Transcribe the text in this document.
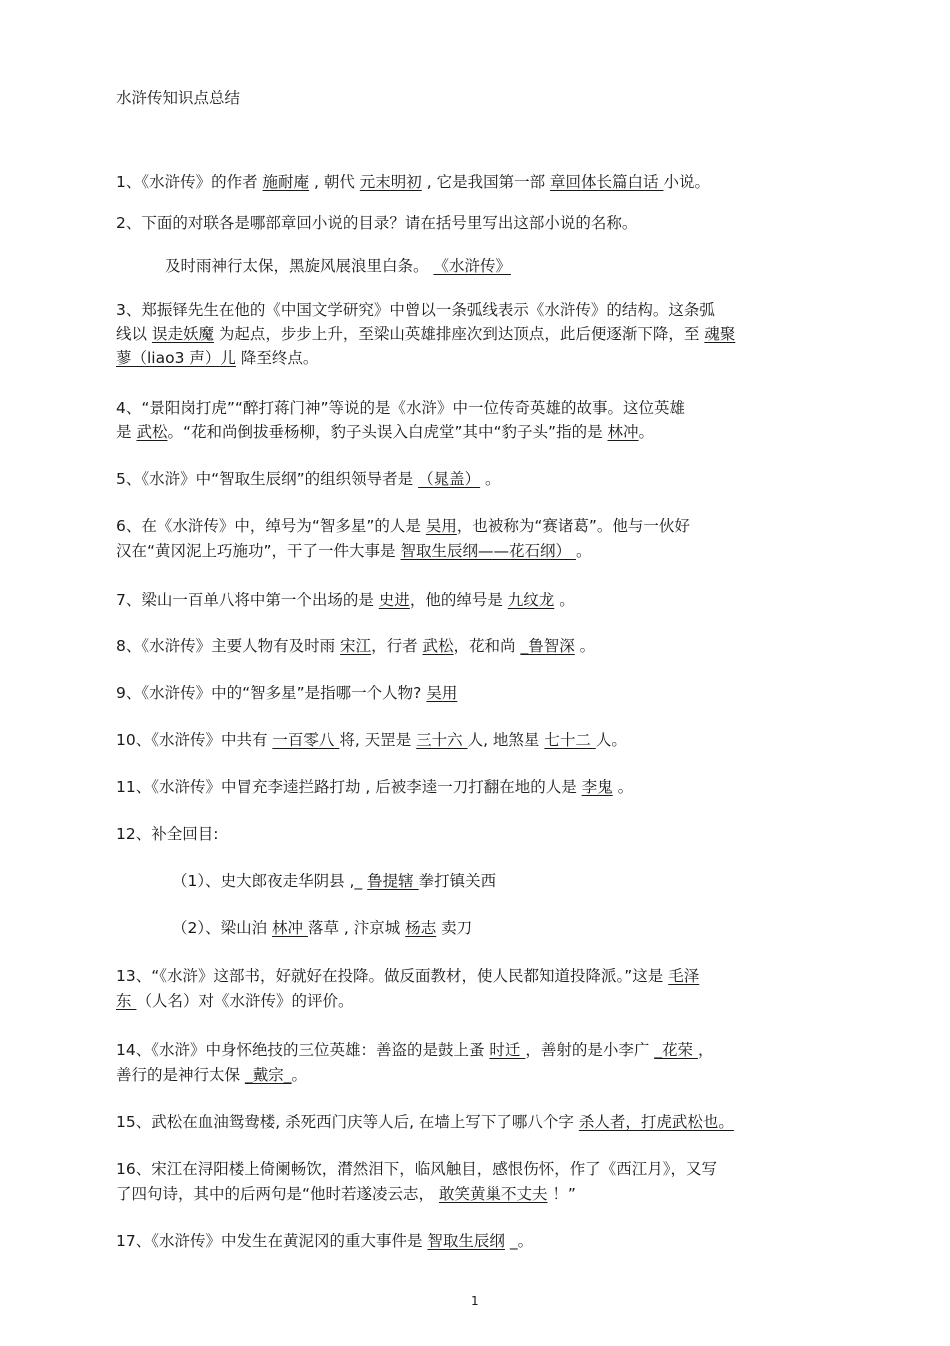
水浒传知识点总结
1、《水浒传》的作者 施耐庵 , 朝代 元末明初 , 它是我国第一部 章回体长篇白话 小说。
2、下面的对联各是哪部章回小说的目录？请在括号里写出这部小说的名称。
及时雨神行太保，黑旋风展浪里白条。 《水浒传》
3、郑振铎先生在他的《中国文学研究》中曾以一条弧线表示《水浒传》的结构。这条弧
线以 误走妖魔 为起点，步步上升，至梁山英雄排座次到达顶点，此后便逐渐下降，至 魂聚
蓼（liao3 声）儿 降至终点。
4、“景阳岗打虎”“醉打蒋门神”等说的是《水浒》中一位传奇英雄的故事。这位英雄
是 武松。“花和尚倒拔垂杨柳，豹子头误入白虎堂”其中“豹子头”指的是 林冲。
5、《水浒》中“智取生辰纲”的组织领导者是 （晁盖） 。
6、在《水浒传》中，绰号为“智多星”的人是 吴用，也被称为“赛诸葛”。他与一伙好
汉在“黄冈泥上巧施功”，干了一件大事是 智取生辰纲——花石纲） 。
7、梁山一百单八将中第一个出场的是 史进，他的绰号是 九纹龙 。
8、《水浒传》主要人物有及时雨 宋江，行者 武松，花和尚 _鲁智深 。
9、《水浒传》中的“智多星”是指哪一个人物? 吴用
10、《水浒传》中共有 一百零八 将, 天罡是 三十六 人, 地煞星 七十二 人。
11、《水浒传》中冒充李逵拦路打劫 , 后被李逵一刀打翻在地的人是 李鬼 。
12、补全回目:
（1）、史大郎夜走华阴县 ,_ 鲁提辖 拳打镇关西
（2）、梁山泊 林冲 落草 , 汴京城 杨志 卖刀
13、“《水浒》这部书，好就好在投降。做反面教材，使人民都知道投降派。”这是 毛泽
东 （人名）对《水浒传》的评价。
14、《水浒》中身怀绝技的三位英雄：善盗的是鼓上蚤 时迁 ，善射的是小李广 _花荣 ，
善行的是神行太保 _戴宗_。
15、武松在血油鸳鸯楼, 杀死西门庆等人后, 在墙上写下了哪八个字 杀人者，打虎武松也。
16、宋江在浔阳楼上倚阑畅饮，潸然泪下，临风触目，感恨伤怀，作了《西江月》，又写
了四句诗，其中的后两句是“他时若遂凌云志， 敢笑黄巢不丈夫 ！”
17、《水浒传》中发生在黄泥冈的重大事件是 智取生辰纲 _。
1
